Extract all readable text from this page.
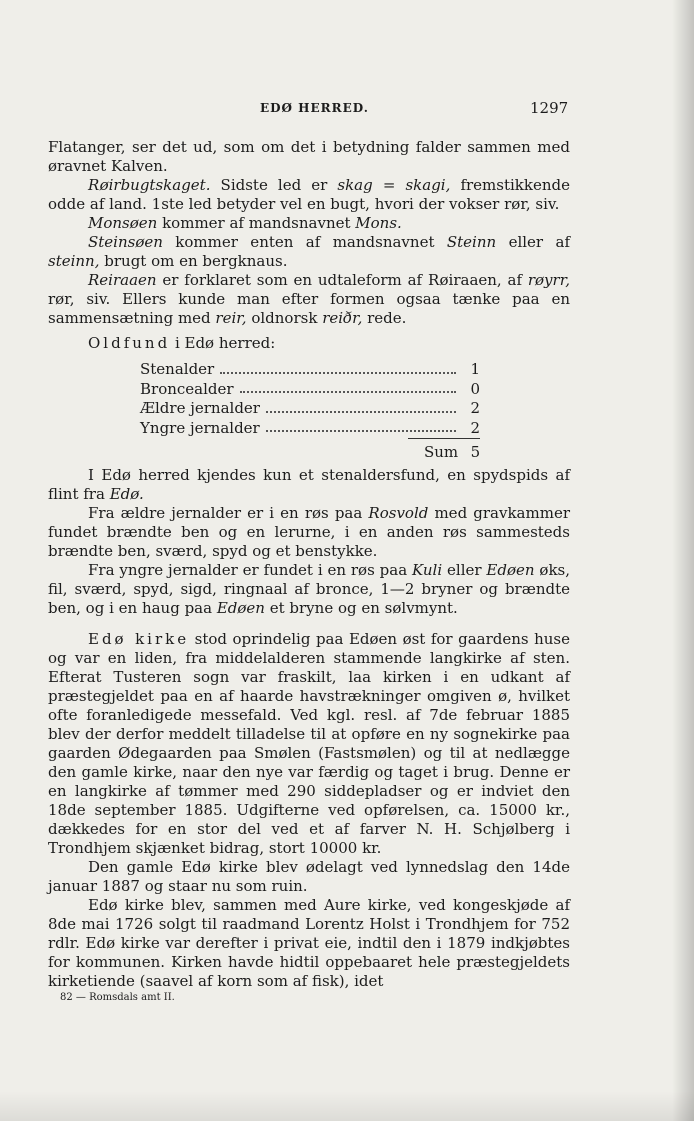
EDØ HERRED.	1297

Flatanger, ser det ud, som om det i betydning falder sammen med øravnet Kalven.

Røirbugtskaget. Sidste led er skag = skagi, fremstikkende odde af land. 1ste led betyder vel en bugt, hvori der vokser rør, siv.

Monsøen kommer af mandsnavnet Mons.

Steinsøen kommer enten af mandsnavnet Steinn eller af steinn, brugt om en bergknaus.

Reiraaen er forklaret som en udtaleform af Røiraaen, af røyrr, rør, siv. Ellers kunde man efter formen ogsaa tænke paa en sammensætning med reir, oldnorsk reiðr, rede.

Oldfund i Edø herred:

Stenalder	1
Broncealder	0
Ældre jernalder	2
Yngre jernalder	2
Sum 5

I Edø herred kjendes kun et stenaldersfund, en spydspids af flint fra Edø.

Fra ældre jernalder er i en røs paa Rosvold med gravkammer fundet brændte ben og en lerurne, i en anden røs sammesteds brændte ben, sværd, spyd og et benstykke.

Fra yngre jernalder er fundet i en røs paa Kuli eller Edøen øks, fil, sværd, spyd, sigd, ringnaal af bronce, 1—2 bryner og brændte ben, og i en haug paa Edøen et bryne og en sølvmynt.

Edø kirke stod oprindelig paa Edøen øst for gaardens huse og var en liden, fra middelalderen stammende langkirke af sten. Efterat Tusteren sogn var fraskilt, laa kirken i en udkant af præstegjeldet paa en af haarde havstrækninger omgiven ø, hvilket ofte foranledigede messefald. Ved kgl. resl. af 7de februar 1885 blev der derfor meddelt tilladelse til at opføre en ny sognekirke paa gaarden Ødegaarden paa Smølen (Fastsmølen) og til at nedlægge den gamle kirke, naar den nye var færdig og taget i brug. Denne er en langkirke af tømmer med 290 siddepladser og er indviet den 18de september 1885. Udgifterne ved opførelsen, ca. 15000 kr., dækkedes for en stor del ved et af farver N. H. Schjølberg i Trondhjem skjænket bidrag, stort 10000 kr.

Den gamle Edø kirke blev ødelagt ved lynnedslag den 14de januar 1887 og staar nu som ruin.

Edø kirke blev, sammen med Aure kirke, ved kongeskjøde af 8de mai 1726 solgt til raadmand Lorentz Holst i Trondhjem for 752 rdlr. Edø kirke var derefter i privat eie, indtil den i 1879 indkjøbtes for kommunen. Kirken havde hidtil oppebaaret hele præstegjeldets kirketiende (saavel af korn som af fisk), idet

82 — Romsdals amt II.
